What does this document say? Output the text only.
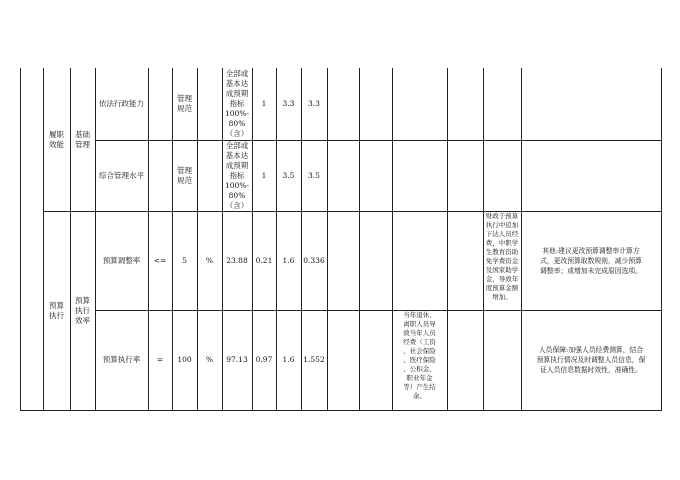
履职
效能
预算
执行
基础
管理
预算
执行
效率
依法行政能力
管理
规范
全部或
基本达
成预期
指标
100%-
80%
（含）
1 3.3 3.3
综合管理水平
管理
规范
全部或
基本达
成预期
指标
100%-
80%
（含）
1 3.5 3.5
预算调整率 <= 5	% 23.88 0.21 1.6 0.336
财政于预算
执行中追加
下达人员经
费，中职学
生教育资助
免学费资金
及国家助学
金，导致年
度预算金额
增加。
其他:建议更改预算调整率计算方
式，更改预算取数规则，减少预算
调整率；或增加未完成原因选项。
预算执行率 = 100 % 97.13 0.97 1.6 1.552
当年退休、
离职人员导
致当年人员
经费（工资
、社会保险
、医疗保险
、公积金、
职业年金
等）产生结
余。
人员保障:加强人员经费测算，结合
预算执行情况及时调整人员信息，保
证人员信息数据时效性，准确性。
